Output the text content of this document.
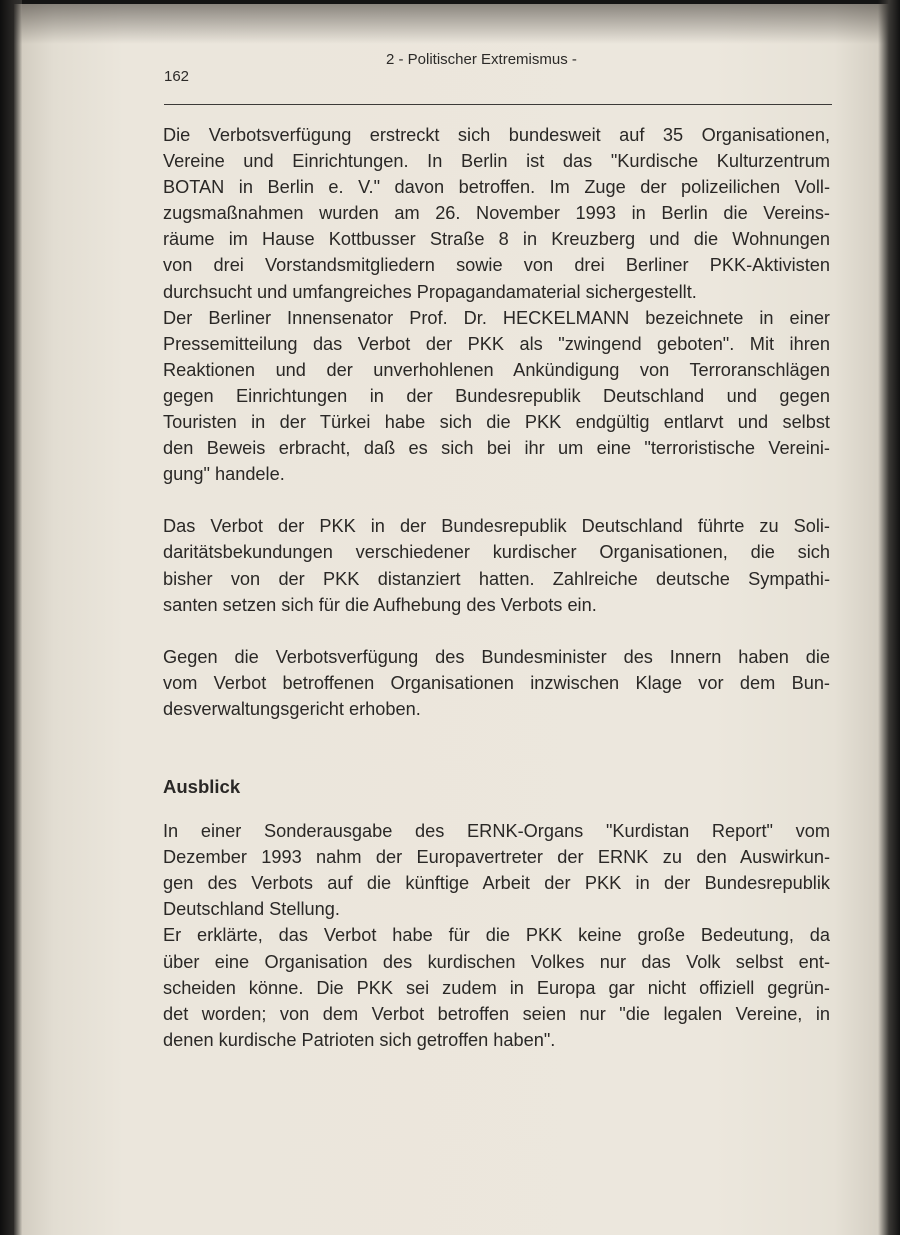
162
2 - Politischer Extremismus -
Die Verbotsverfügung erstreckt sich bundesweit auf 35 Organisationen,
Vereine und Einrichtungen. In Berlin ist das "Kurdische Kulturzentrum
BOTAN in Berlin e. V." davon betroffen. Im Zuge der polizeilichen Voll-
zugsmaßnahmen wurden am 26. November 1993 in Berlin die Vereins-
räume im Hause Kottbusser Straße 8 in Kreuzberg und die Wohnungen
von drei Vorstandsmitgliedern sowie von drei Berliner PKK-Aktivisten
durchsucht und umfangreiches Propagandamaterial sichergestellt.
Der Berliner Innensenator Prof. Dr. HECKELMANN bezeichnete in einer
Pressemitteilung das Verbot der PKK als "zwingend geboten". Mit ihren
Reaktionen und der unverhohlenen Ankündigung von Terroranschlägen
gegen Einrichtungen in der Bundesrepublik Deutschland und gegen
Touristen in der Türkei habe sich die PKK endgültig entlarvt und selbst
den Beweis erbracht, daß es sich bei ihr um eine "terroristische Vereini-
gung" handele.
Das Verbot der PKK in der Bundesrepublik Deutschland führte zu Soli-
daritätsbekundungen verschiedener kurdischer Organisationen, die sich
bisher von der PKK distanziert hatten. Zahlreiche deutsche Sympathi-
santen setzen sich für die Aufhebung des Verbots ein.
Gegen die Verbotsverfügung des Bundesminister des Innern haben die
vom Verbot betroffenen Organisationen inzwischen Klage vor dem Bun-
desverwaltungsgericht erhoben.
Ausblick
In einer Sonderausgabe des ERNK-Organs "Kurdistan Report" vom
Dezember 1993 nahm der Europavertreter der ERNK zu den Auswirkun-
gen des Verbots auf die künftige Arbeit der PKK in der Bundesrepublik
Deutschland Stellung.
Er erklärte, das Verbot habe für die PKK keine große Bedeutung, da
über eine Organisation des kurdischen Volkes nur das Volk selbst ent-
scheiden könne. Die PKK sei zudem in Europa gar nicht offiziell gegrün-
det worden; von dem Verbot betroffen seien nur "die legalen Vereine, in
denen kurdische Patrioten sich getroffen haben".
